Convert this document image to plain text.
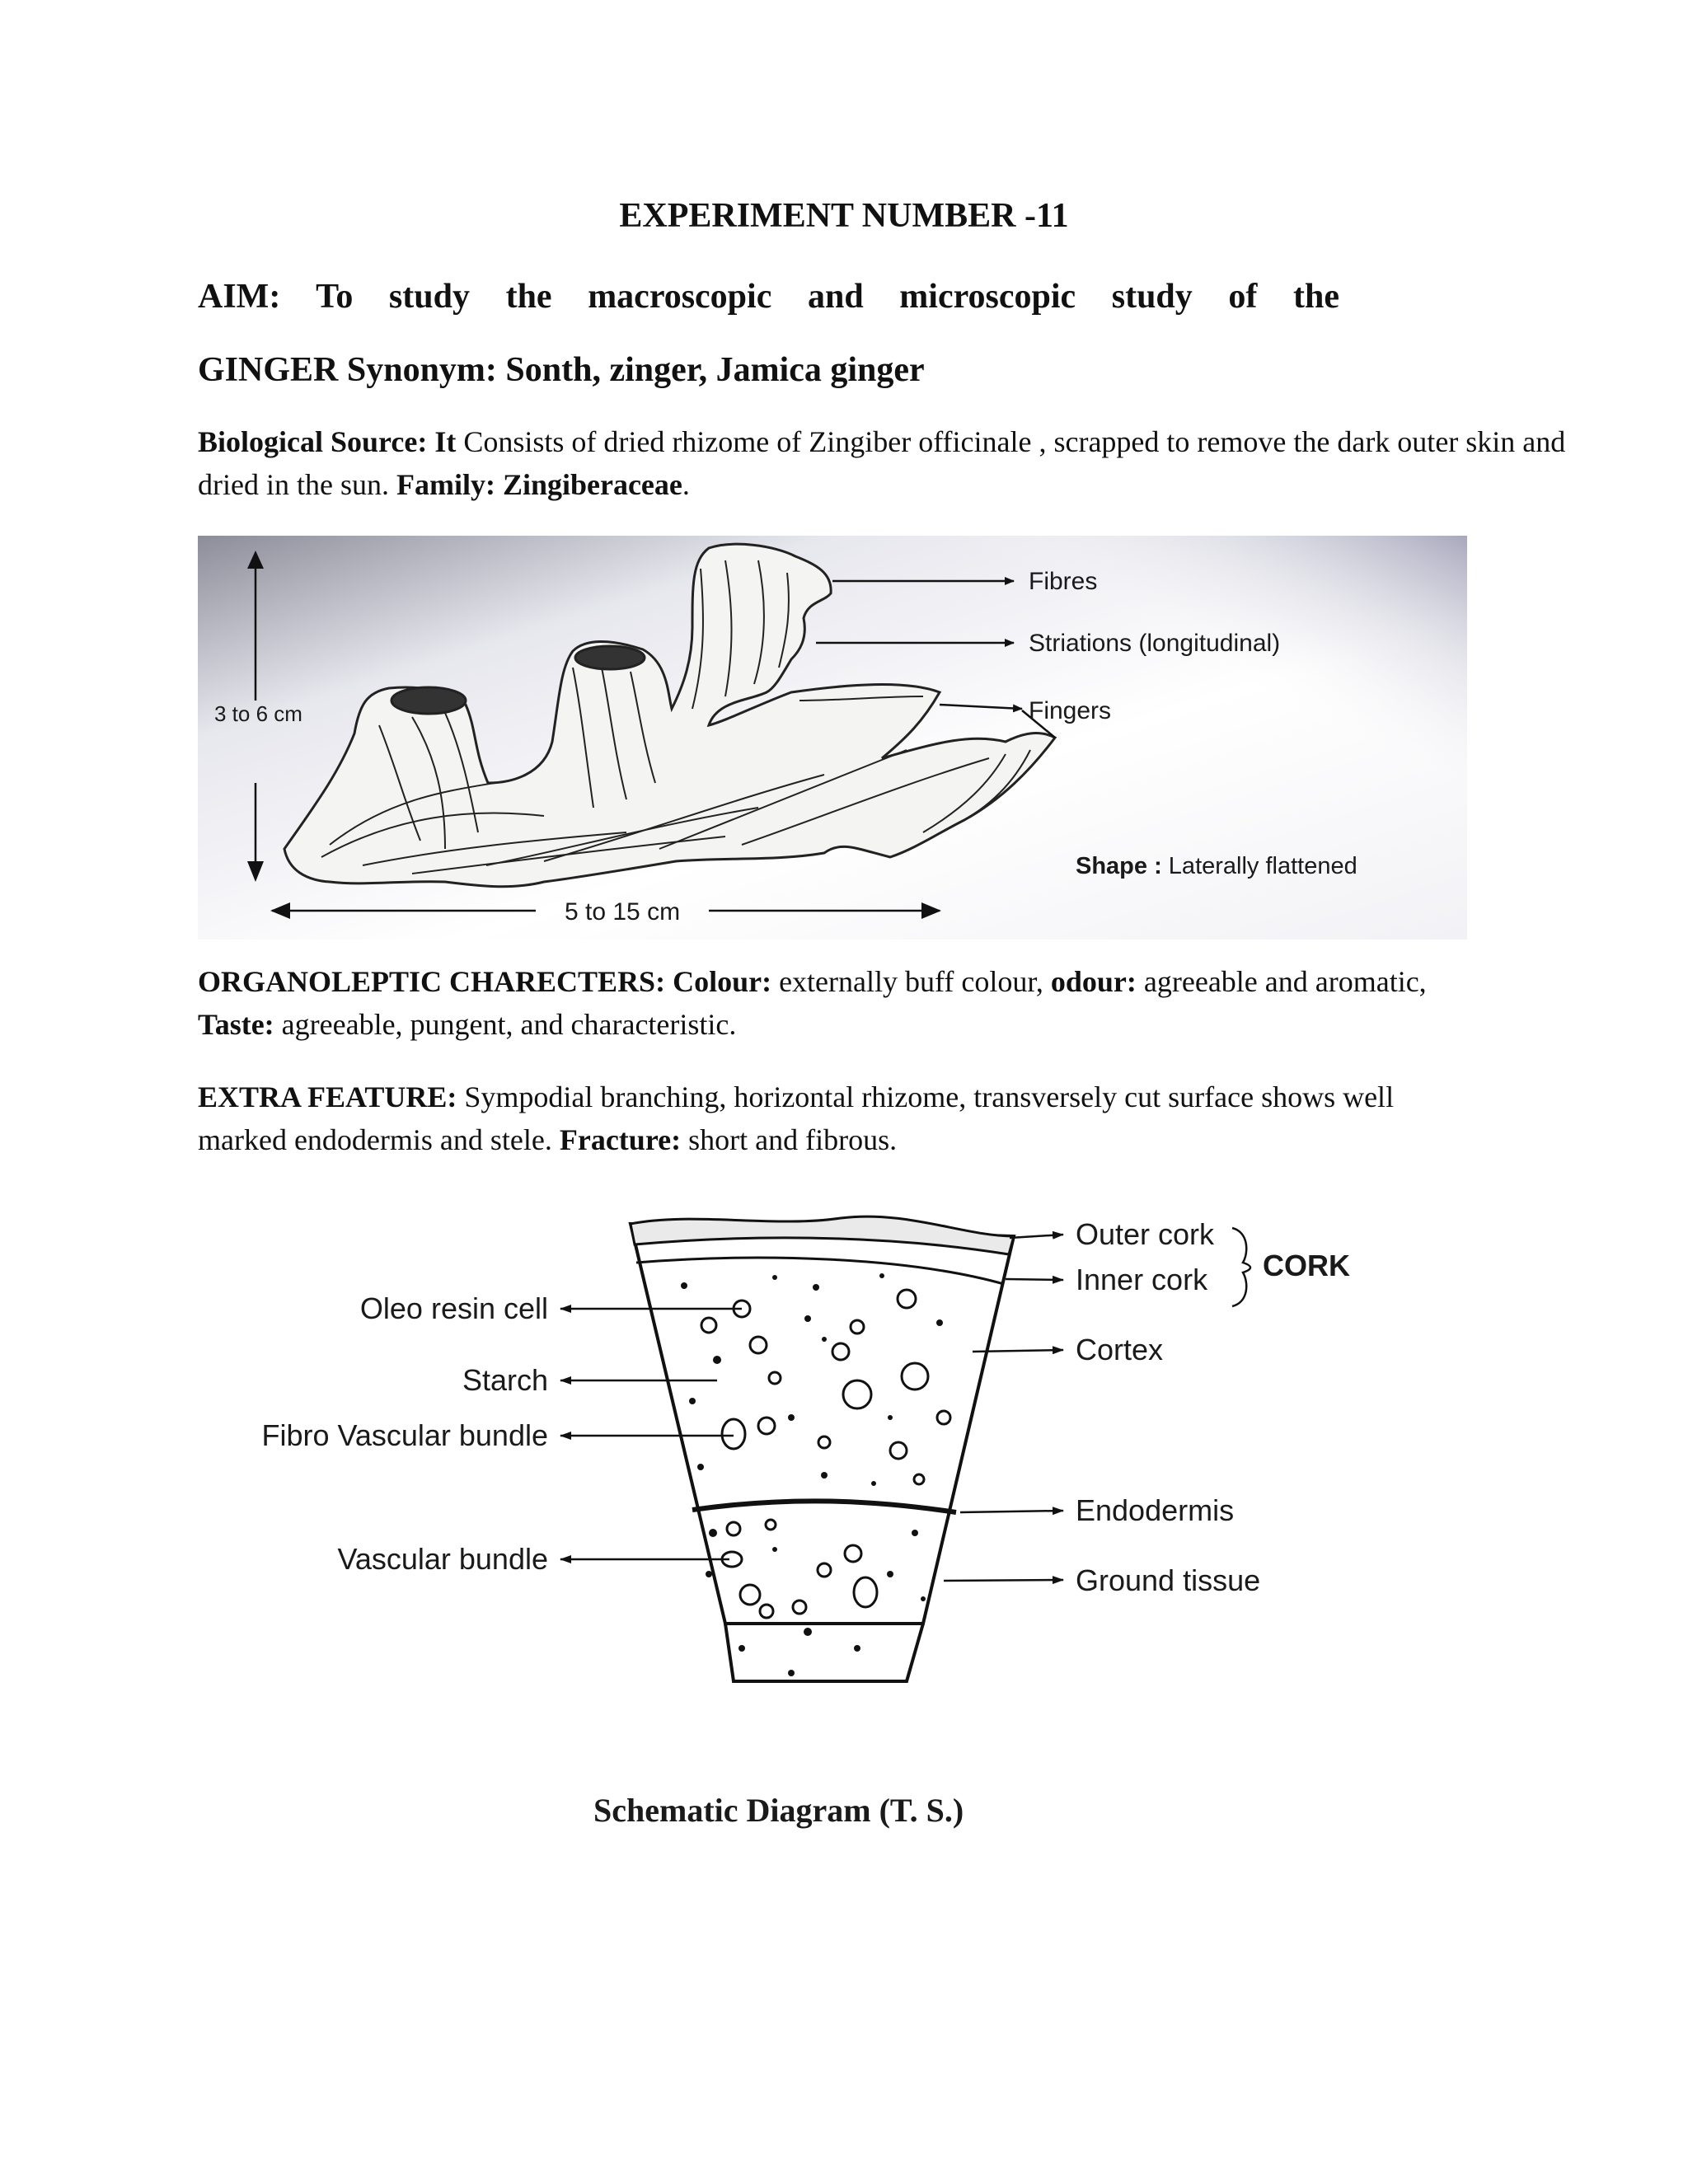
EXPERIMENT NUMBER -11
AIM: To study the macroscopic and microscopic study of the
GINGER Synonym: Sonth, zinger, Jamica ginger
Biological Source: It Consists of dried rhizome of Zingiber officinale , scrapped to remove the dark outer skin and dried in the sun. Family: Zingiberaceae.
Fibres
Striations (longitudinal)
Fingers
3 to 6 cm
5 to 15 cm
Shape : Laterally flattened
ORGANOLEPTIC CHARECTERS: Colour: externally buff colour, odour: agreeable and aromatic,
Taste: agreeable, pungent, and characteristic.
EXTRA FEATURE: Sympodial branching, horizontal rhizome, transversely cut surface shows well marked endodermis and stele. Fracture: short and fibrous.
Outer cork
Inner cork CORK
Cortex
Endodermis
Ground tissue
Oleo resin cell
Starch
Fibro Vascular bundle
Vascular bundle
Schematic Diagram (T. S.)
